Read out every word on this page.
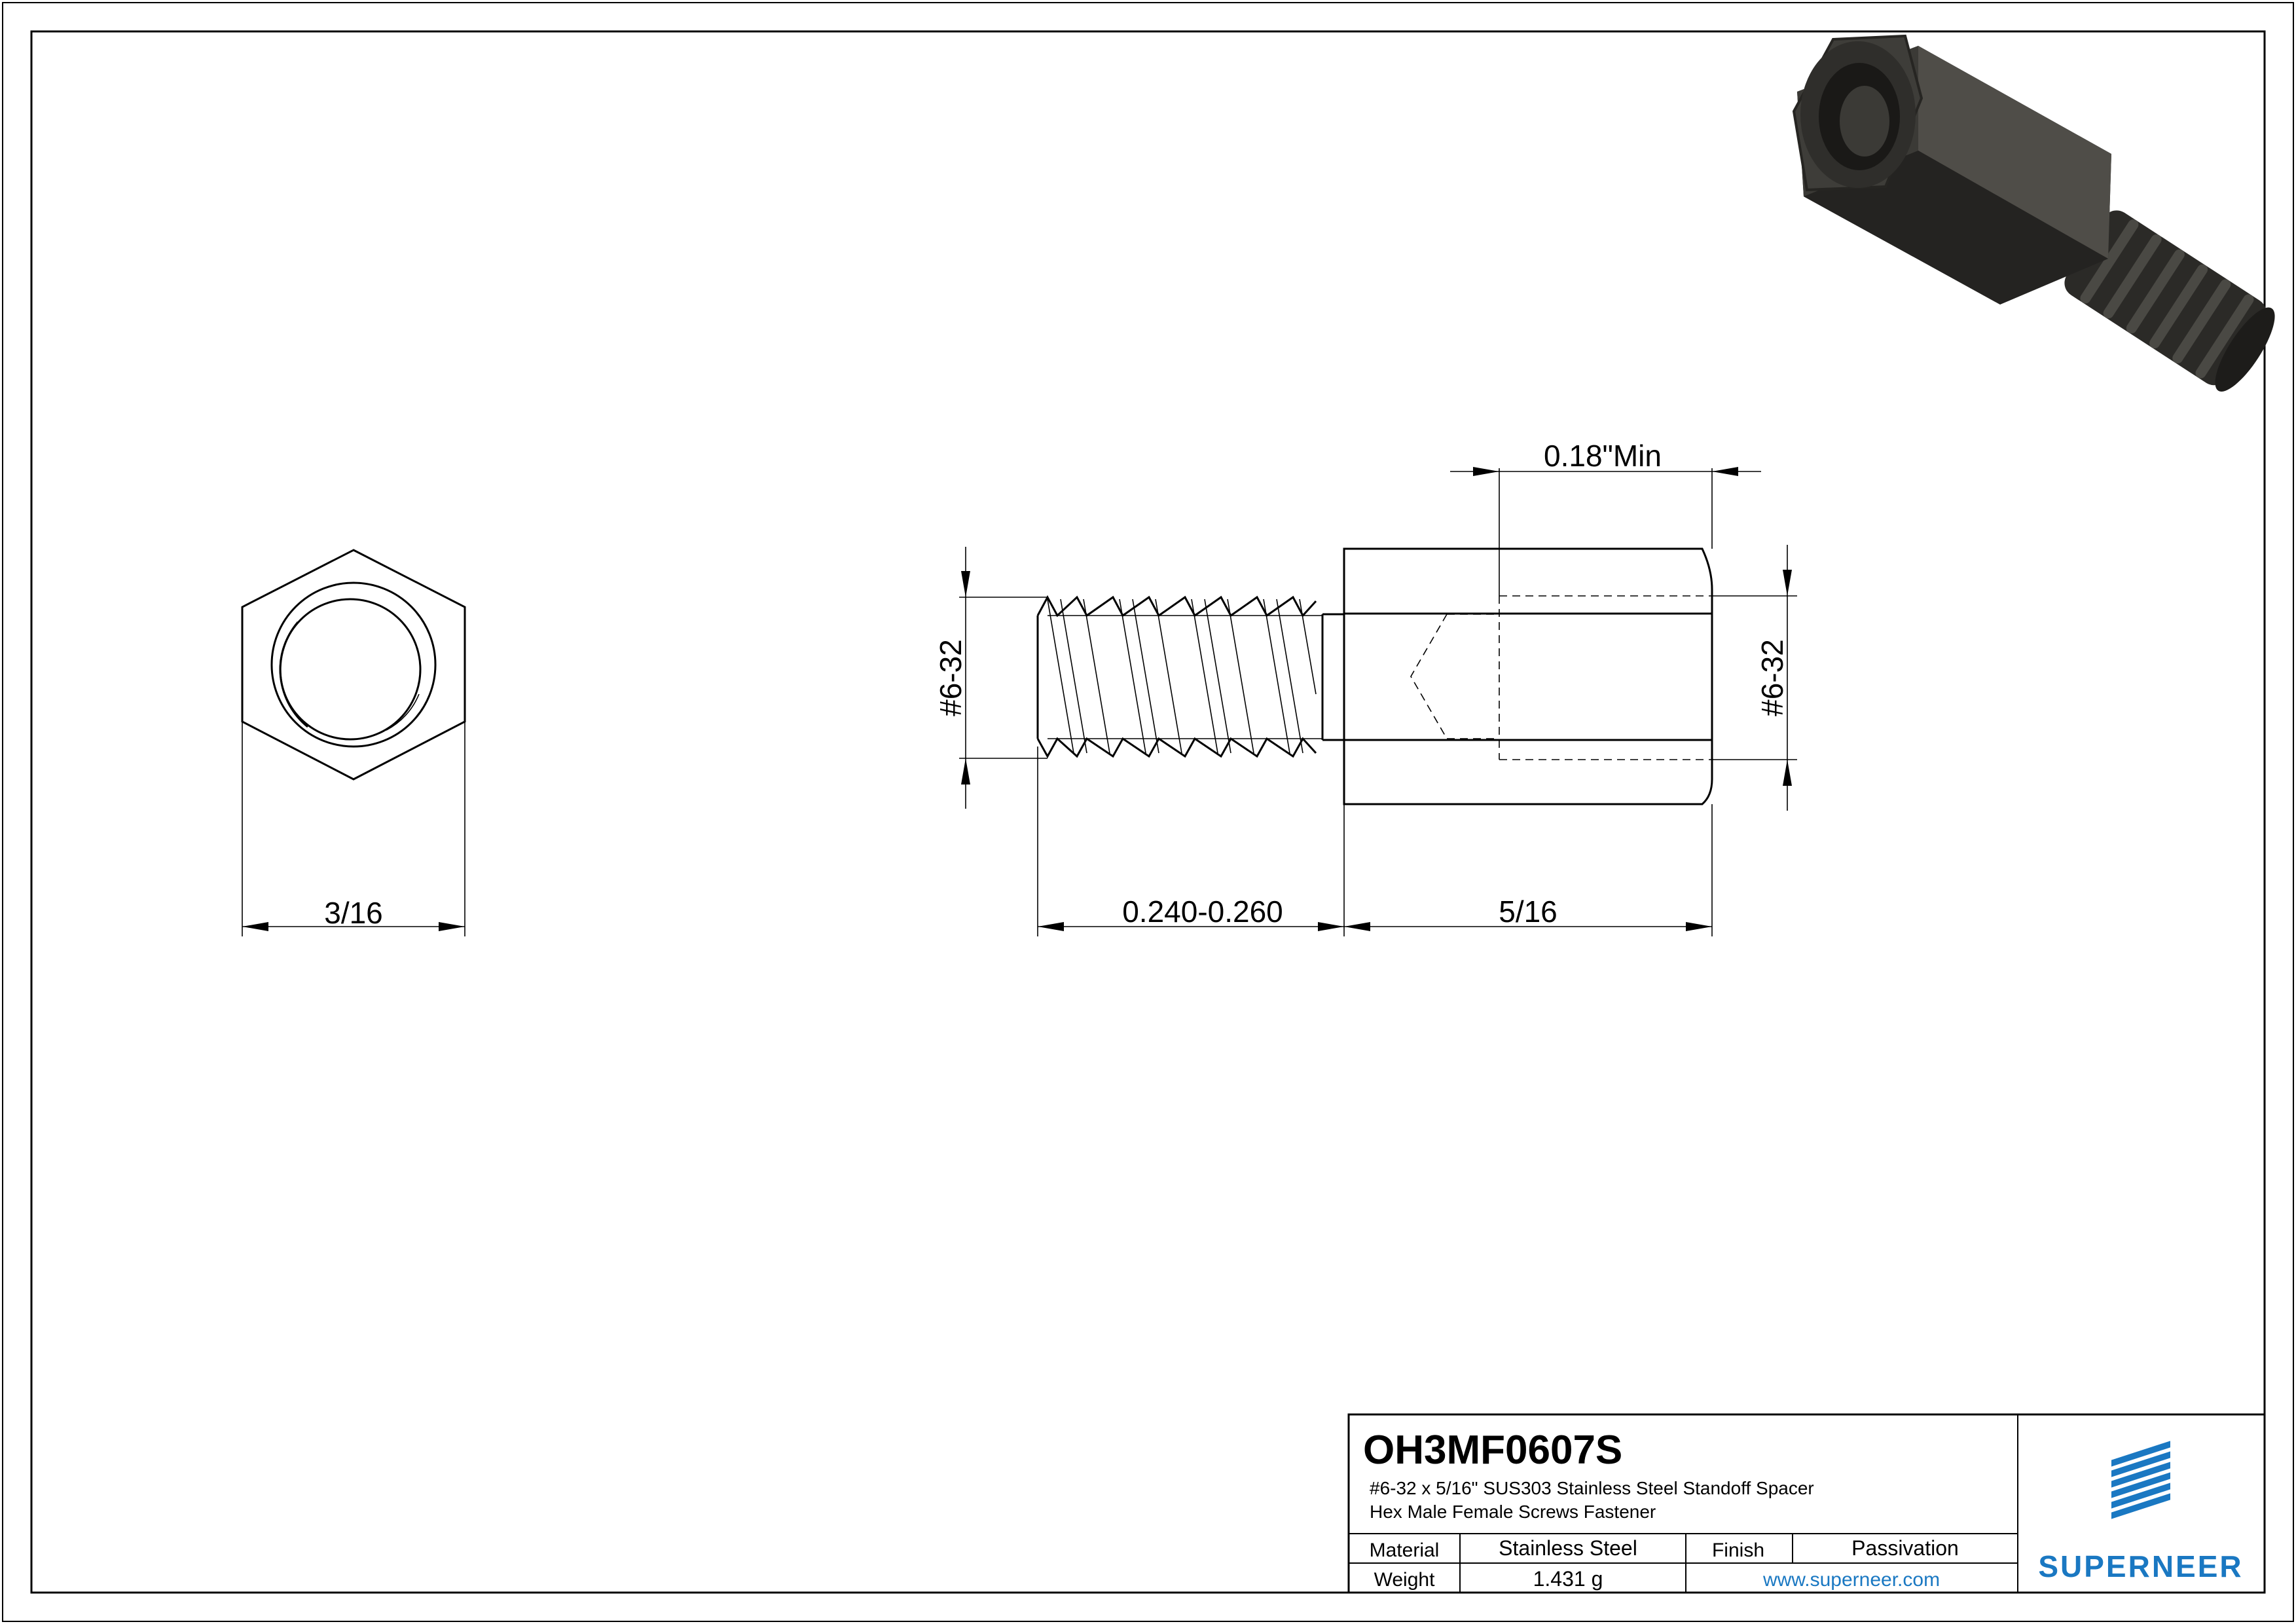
3/16
#6-32	#6-32
0.18"Min
0.240-0.260	5/16
OH3MF0607S
#6-32 x 5/16" SUS303 Stainless Steel Standoff Spacer
Hex Male Female Screws Fastener
Material	Stainless Steel	Finish	Passivation
Weight	1.431 g	www.superneer.com	SUPERNEER
